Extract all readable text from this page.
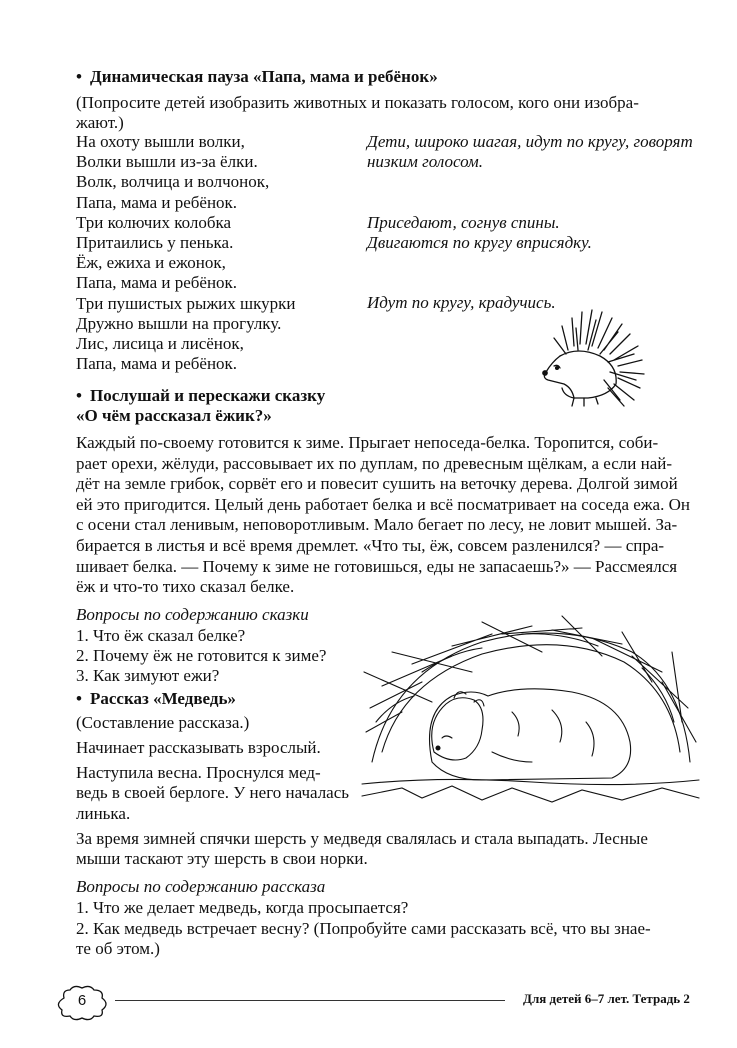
• Динамическая пауза «Папа, мама и ребёнок»
(Попросите детей изобразить животных и показать голосом, кого они изобра-
жают.)
На охоту вышли волки,
Волки вышли из-за ёлки.
Волк, волчица и волчонок,
Папа, мама и ребёнок.
Три колючих колобка
Притаились у пенька.
Ёж, ежиха и ежонок,
Папа, мама и ребёнок.
Три пушистых рыжих шкурки
Дружно вышли на прогулку.
Лис, лисица и лисёнок,
Папа, мама и ребёнок.
Дети, широко шагая, идут по кругу, говорят
низким голосом.
Приседают, согнув спины.
Двигаются по кругу вприсядку.
Идут по кругу, крадучись.
• Послушай и перескажи сказку
«О чём рассказал ёжик?»
Каждый по-своему готовится к зиме. Прыгает непоседа-белка. Торопится, соби-
рает орехи, жёлуди, рассовывает их по дуплам, по древесным щёлкам, а если най-
дёт на земле грибок, сорвёт его и повесит сушить на веточку дерева. Долгой зимой
ей это пригодится. Целый день работает белка и всё посматривает на соседа ежа. Он
с осени стал ленивым, неповоротливым. Мало бегает по лесу, не ловит мышей. За-
бирается в листья и всё время дремлет. «Что ты, ёж, совсем разленился? — спра-
шивает белка. — Почему к зиме не готовишься, еды не запасаешь?» — Рассмеялся
ёж и что-то тихо сказал белке.
Вопросы по содержанию сказки
1. Что ёж сказал белке?
2. Почему ёж не готовится к зиме?
3. Как зимуют ежи?
• Рассказ «Медведь»
(Составление рассказа.)
Начинает рассказывать взрослый.
Наступила весна. Проснулся мед-
ведь в своей берлоге. У него началась
линька.
За время зимней спячки шерсть у медведя свалялась и стала выпадать. Лесные
мыши таскают эту шерсть в свои норки.
Вопросы по содержанию рассказа
1. Что же делает медведь, когда просыпается?
2. Как медведь встречает весну? (Попробуйте сами рассказать всё, что вы знае-
те об этом.)
6	Для детей 6–7 лет. Тетрадь 2
